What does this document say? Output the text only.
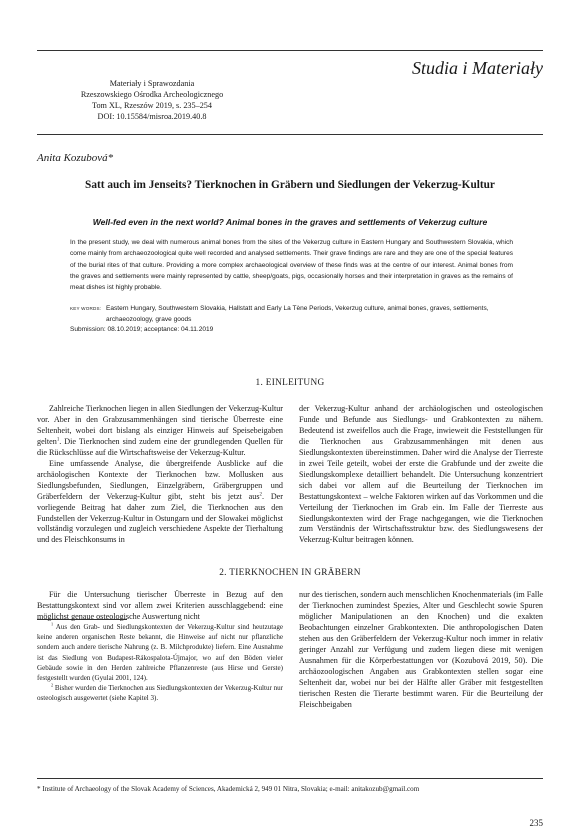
Studia i Materiały
Materiały i Sprawozdania
Rzeszowskiego Ośrodka Archeologicznego
Tom XL, Rzeszów 2019, s. 235–254
DOI: 10.15584/misroa.2019.40.8
Anita Kozubová*
Satt auch im Jenseits? Tierknochen in Gräbern und Siedlungen der Vekerzug-Kultur
Well-fed even in the next world? Animal bones in the graves and settlements of Vekerzug culture
In the present study, we deal with numerous animal bones from the sites of the Vekerzug culture in Eastern Hungary and Southwestern Slovakia, which come mainly from archaeozoological quite well recorded and analysed settlements. Their grave findings are rare and they are one of the special features of the burial rites of that culture. Providing a more complex archaeological overview of these finds was at the centre of our interest. Animal bones from the graves and settlements were mainly represented by cattle, sheep/goats, pigs, occasionally horses and their interpretation in graves as the remains of meat dishes ist highly probable.
KEY WORDS: Eastern Hungary, Southwestern Slovakia, Hallstatt and Early La Tène Periods, Vekerzug culture, animal bones, graves, settlements, archaeozoology, grave goods
Submission: 08.10.2019; acceptance: 04.11.2019
1. EINLEITUNG

Zahlreiche Tierknochen liegen in allen Siedlungen der Vekerzug-Kultur vor. Aber in den Grabzusammenhängen sind tierische Überreste eine Seltenheit, wobei dort bislang als einziger Hinweis auf Speisebeigaben gelten$^1$. Die Tierknochen sind zudem eine der grundlegenden Quellen für die Rückschlüsse auf die Wirtschaftsweise der Vekerzug-Kultur.

Eine umfassende Analyse, die übergreifende Ausblicke auf die archäologischen Kontexte der Tierknochen bzw. Mollusken aus Siedlungsbefunden, Siedlungen, Einzelgräbern, Gräbergruppen und Gräberfeldern der Vekerzug-Kultur gibt, steht bis jetzt aus$^2$. Der vorliegende Beitrag hat daher zum Ziel, die Tierknochen aus den Fundstellen der Vekerzug-Kultur in Ostungarn und der Slowakei möglichst vollständig vorzulegen und zugleich verschiedene Aspekte der Tierhaltung und des Fleischkonsums in

der Vekerzug-Kultur anhand der archäologischen und osteologischen Funde und Befunde aus Siedlungs- und Grabkontexten zu nähern. Bedeutend ist zweifellos auch die Frage, inwieweit die Feststellungen für die Tierknochen aus Grabzusammenhängen mit denen aus Siedlungskontexten übereinstimmen. Daher wird die Analyse der Tierreste in zwei Teile geteilt, wobei der erste die Grabfunde und der zweite die Siedlungskomplexe detailliert behandelt. Die Untersuchung konzentriert sich dabei vor allem auf die Beurteilung der Tierknochen im Bestattungskontext – welche Faktoren wirken auf das Vorkommen und die Verteilung der Tierknochen im Grab ein. Im Falle der Tierreste aus Siedlungskontexten wird der Frage nachgegangen, wie die Tierknochen zum Verständnis der Wirtschaftsstruktur bzw. des Siedlungswesens der Vekerzug-Kultur beitragen können.

2. TIERKNOCHEN IN GRÄBERN

Für die Untersuchung tierischer Überreste in Bezug auf den Bestattungskontext sind vor allem zwei Kriterien ausschlaggebend: eine möglichst genaue osteologische Auswertung nicht

nur des tierischen, sondern auch menschlichen Knochenmaterials (im Falle der Tierknochen zumindest Spezies, Alter und Geschlecht sowie Spuren möglicher Manipulationen an den Knochen) und die exakten Beobachtungen einzelner Grabkontexten. Die anthropologischen Daten stehen aus den Gräberfeldern der Vekerzug-Kultur noch immer in relativ geringer Anzahl zur Verfügung und zudem liegen diese mit wenigen Ausnahmen für die Körperbestattungen vor (Kozubová 2019, 50). Die archäozoologischen Angaben aus Grabkontexten stellen sogar eine Seltenheit dar, wobei nur bei der Hälfte aller Gräber mit festgestellten tierischen Resten die Tierarte bestimmt waren. Für die Beurteilung der Fleischbeigaben

$^1$ Aus den Grab- und Siedlungskontexten der Vekerzug-Kultur sind heutzutage keine anderen organischen Reste bekannt, die Hinweise auf nicht nur pflanzliche sondern auch andere tierische Nahrung (z. B. Milchprodukte) liefern. Eine Ausnahme ist das Siedlung von Budapest-Rákospalota-Újmajor, wo auf den Böden vieler Gebäude sowie in den Herden zahlreiche Pflanzenreste (aus Hirse und Gerste) festgestellt wurden (Gyulai 2001, 124).

$^2$ Bisher wurden die Tierknochen aus Siedlungskontexten der Vekerzug-Kultur nur osteologisch ausgewertet (siehe Kapitel 3).

* Institute of Archaeology of the Slovak Academy of Sciences, Akademická 2, 949 01 Nitra, Slovakia; e-mail: anitakozub@gmail.com
235
